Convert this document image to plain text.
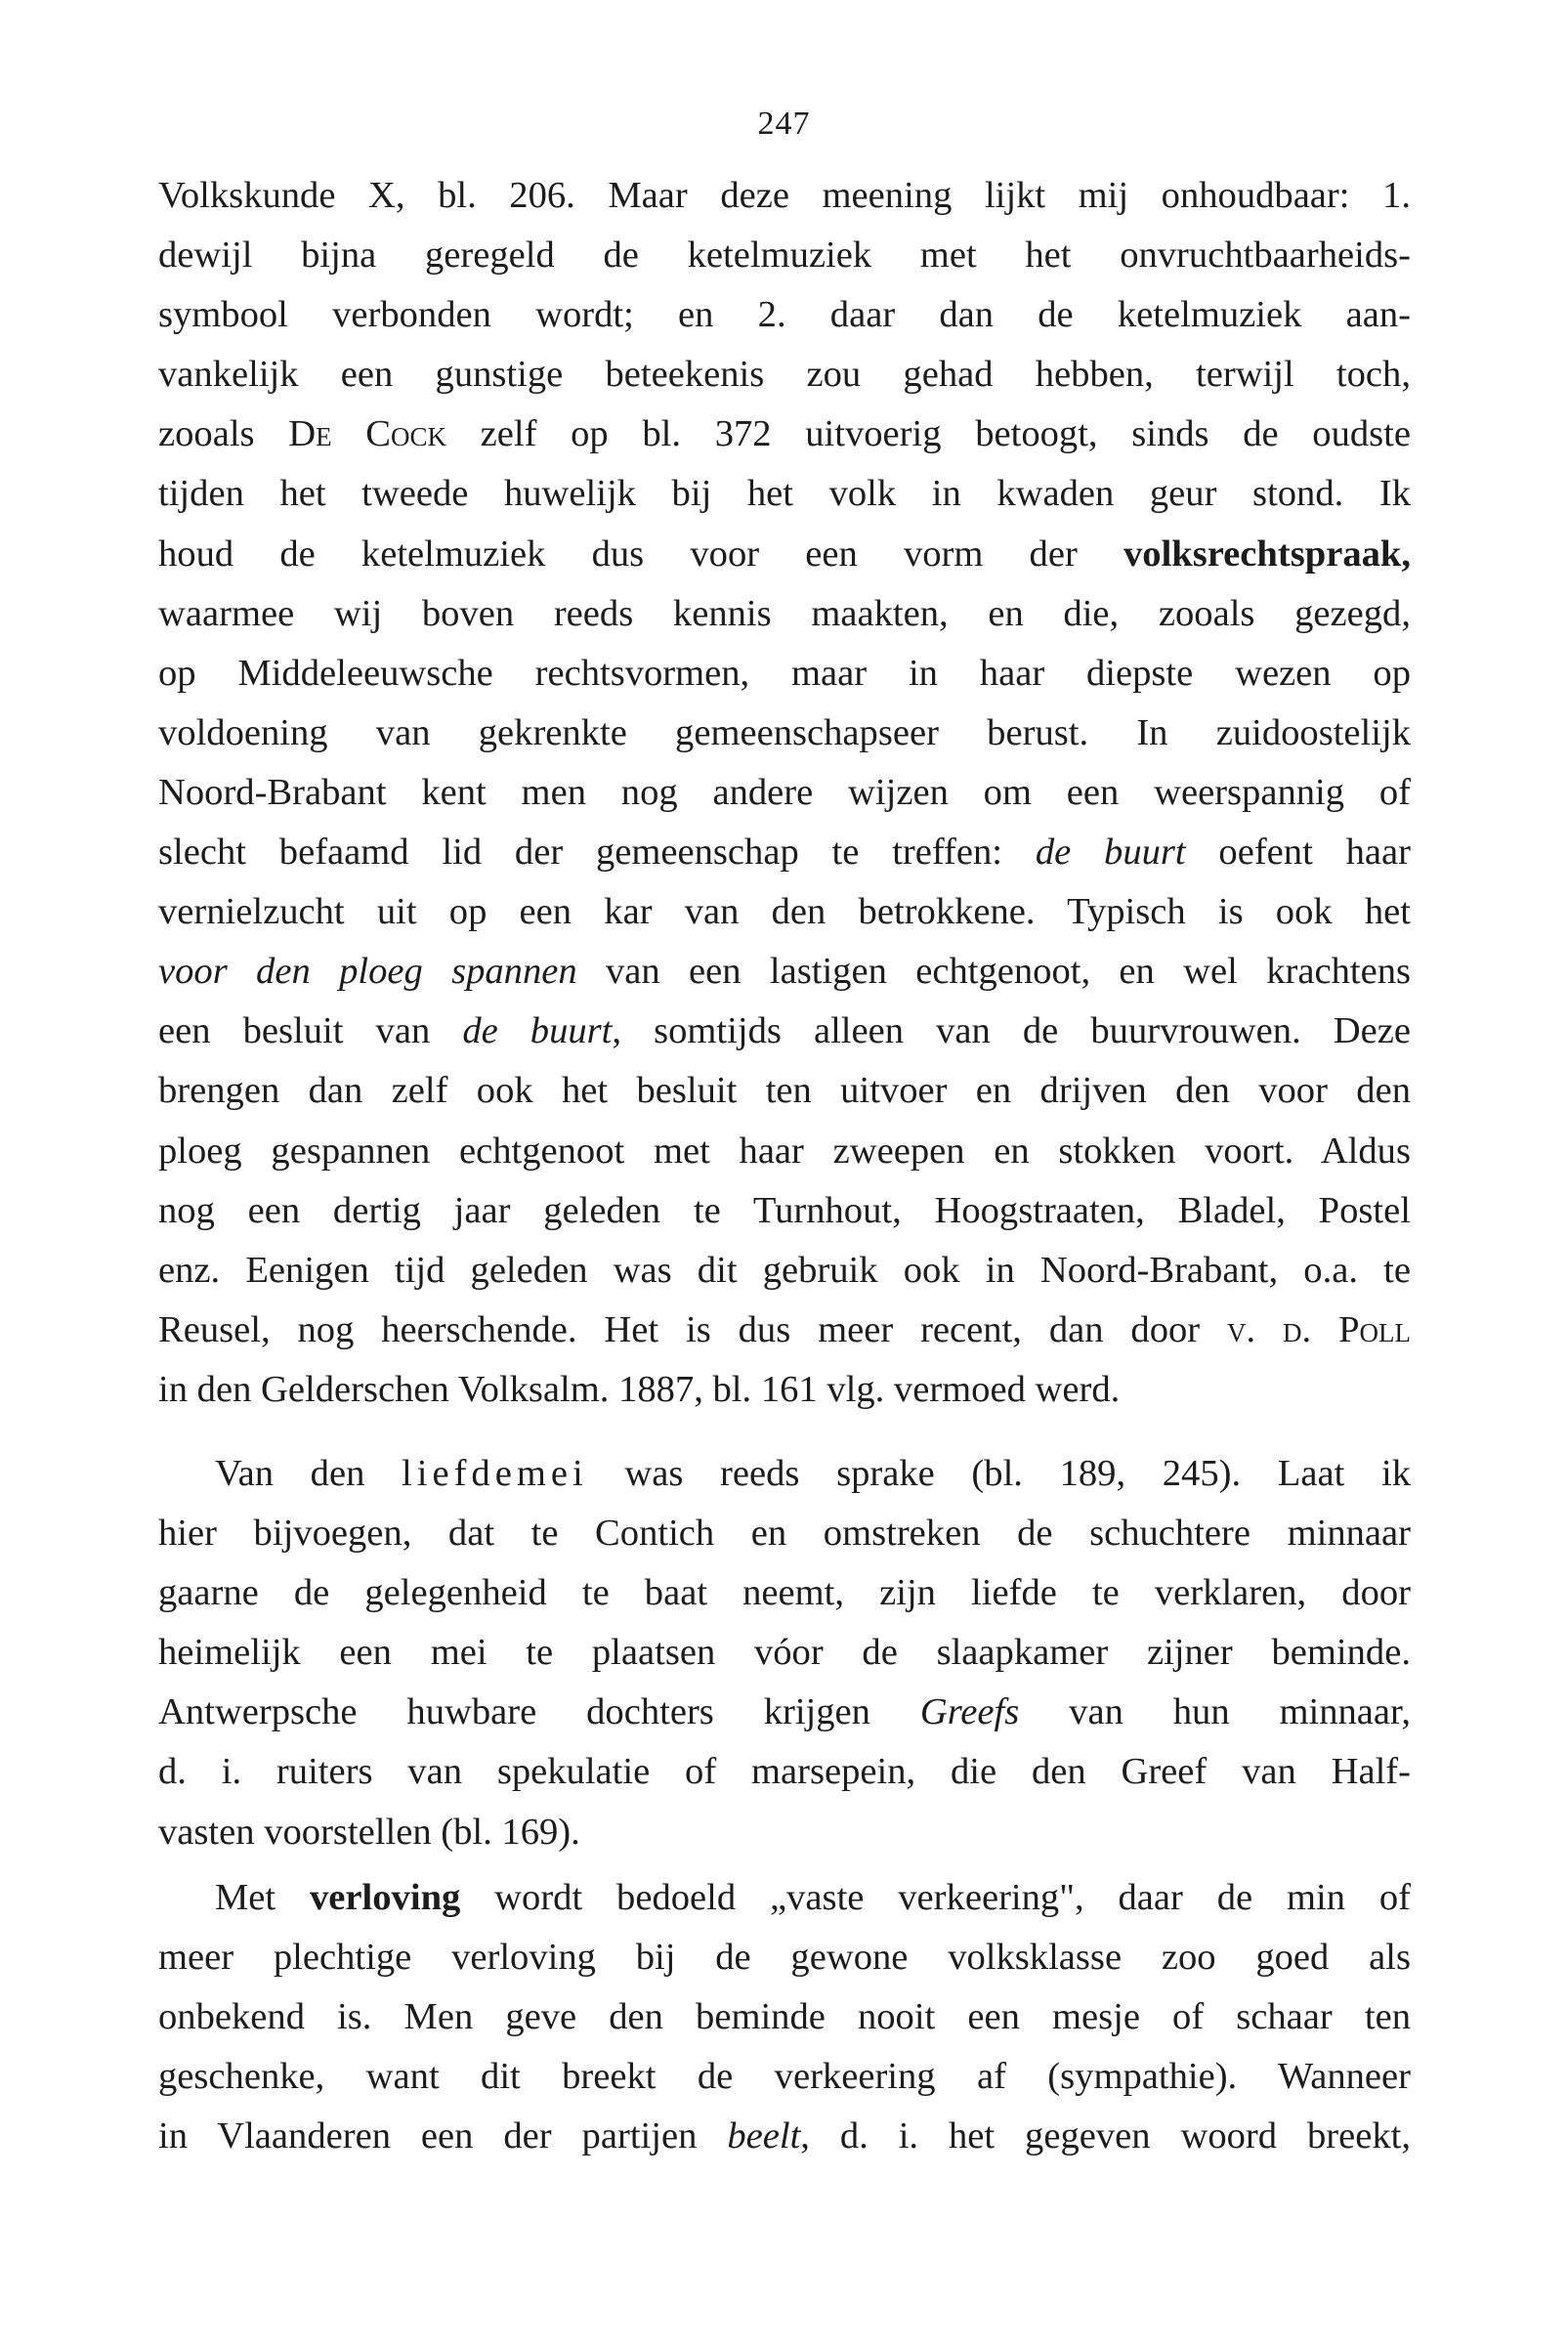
247
Volkskunde X, bl. 206. Maar deze meening lijkt mij onhoudbaar: 1.
dewijl bijna geregeld de ketelmuziek met het onvruchtbaarheids-
symbool verbonden wordt; en 2. daar dan de ketelmuziek aan-
vankelijk een gunstige beteekenis zou gehad hebben, terwijl toch,
zooals De Cock zelf op bl. 372 uitvoerig betoogt, sinds de oudste
tijden het tweede huwelijk bij het volk in kwaden geur stond. Ik
houd de ketelmuziek dus voor een vorm der volksrechtspraak,
waarmee wij boven reeds kennis maakten, en die, zooals gezegd,
op Middeleeuwsche rechtsvormen, maar in haar diepste wezen op
voldoening van gekrenkte gemeenschapseer berust. In zuidoostelijk
Noord-Brabant kent men nog andere wijzen om een weerspannig of
slecht befaamd lid der gemeenschap te treffen: de buurt oefent haar
vernielzucht uit op een kar van den betrokkene. Typisch is ook het
voor den ploeg spannen van een lastigen echtgenoot, en wel krachtens
een besluit van de buurt, somtijds alleen van de buurvrouwen. Deze
brengen dan zelf ook het besluit ten uitvoer en drijven den voor den
ploeg gespannen echtgenoot met haar zweepen en stokken voort. Aldus
nog een dertig jaar geleden te Turnhout, Hoogstraaten, Bladel, Postel
enz. Eenigen tijd geleden was dit gebruik ook in Noord-Brabant, o.a. te
Reusel, nog heerschende. Het is dus meer recent, dan door v. d. Poll
in den Gelderschen Volksalm. 1887, bl. 161 vlg. vermoed werd.
Van den liefdemei was reeds sprake (bl. 189, 245). Laat ik
hier bijvoegen, dat te Contich en omstreken de schuchtere minnaar
gaarne de gelegenheid te baat neemt, zijn liefde te verklaren, door
heimelijk een mei te plaatsen vóor de slaapkamer zijner beminde.
Antwerpsche huwbare dochters krijgen Greefs van hun minnaar,
d. i. ruiters van spekulatie of marsepein, die den Greef van Half-
vasten voorstellen (bl. 169).
Met verloving wordt bedoeld „vaste verkeering", daar de min of
meer plechtige verloving bij de gewone volksklasse zoo goed als
onbekend is. Men geve den beminde nooit een mesje of schaar ten
geschenke, want dit breekt de verkeering af (sympathie). Wanneer
in Vlaanderen een der partijen beelt, d. i. het gegeven woord breekt,
